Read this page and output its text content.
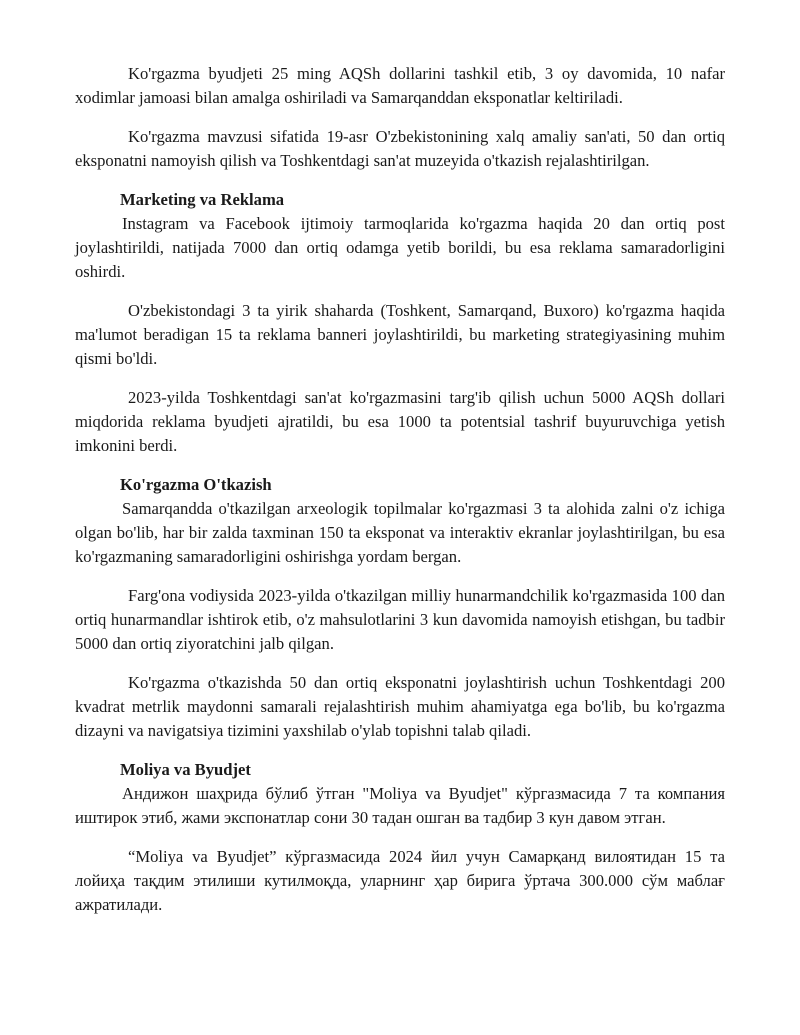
Ko'rgazma byudjeti 25 ming AQSh dollarini tashkil etib, 3 oy davomida, 10 nafar xodimlar jamoasi bilan amalga oshiriladi va Samarqanddan eksponatlar keltiriladi.

Ko'rgazma mavzusi sifatida 19-asr O'zbekistonining xalq amaliy san'ati, 50 dan ortiq eksponatni namoyish qilish va Toshkentdagi san'at muzeyida o'tkazish rejalashtirilgan.

Marketing va Reklama

Instagram va Facebook ijtimoiy tarmoqlarida ko'rgazma haqida 20 dan ortiq post joylashtirildi, natijada 7000 dan ortiq odamga yetib borildi, bu esa reklama samaradorligini oshirdi.

O'zbekistondagi 3 ta yirik shaharda (Toshkent, Samarqand, Buxoro) ko'rgazma haqida ma'lumot beradigan 15 ta reklama banneri joylashtirildi, bu marketing strategiyasining muhim qismi bo'ldi.

2023-yilda Toshkentdagi san'at ko'rgazmasini targ'ib qilish uchun 5000 AQSh dollari miqdorida reklama byudjeti ajratildi, bu esa 1000 ta potentsial tashrif buyuruvchiga yetish imkonini berdi.

Ko'rgazma O'tkazish

Samarqandda o'tkazilgan arxeologik topilmalar ko'rgazmasi 3 ta alohida zalni o'z ichiga olgan bo'lib, har bir zalda taxminan 150 ta eksponat va interaktiv ekranlar joylashtirilgan, bu esa ko'rgazmaning samaradorligini oshirishga yordam bergan.

Farg'ona vodiysida 2023-yilda o'tkazilgan milliy hunarmandchilik ko'rgazmasida 100 dan ortiq hunarmandlar ishtirok etib, o'z mahsulotlarini 3 kun davomida namoyish etishgan, bu tadbir 5000 dan ortiq ziyoratchini jalb qilgan.

Ko'rgazma o'tkazishda 50 dan ortiq eksponatni joylashtirish uchun Toshkentdagi 200 kvadrat metrlik maydonni samarali rejalashtirish muhim ahamiyatga ega bo'lib, bu ko'rgazma dizayni va navigatsiya tizimini yaxshilab o'ylab topishni talab qiladi.

Moliya va Byudjet

Андижон шаҳрида бўлиб ўтган "Moliya va Byudjet" кўргазмасида 7 та компания иштирок этиб, жами экспонатлар сони 30 тадан ошган ва тадбир 3 кун давом этган.

“Moliya va Byudjet” кўргазмасида 2024 йил учун Самарқанд вилоятидан 15 та лойиҳа тақдим этилиши кутилмоқда, уларнинг ҳар бирига ўртача 300.000 сўм маблағ ажратилади.
